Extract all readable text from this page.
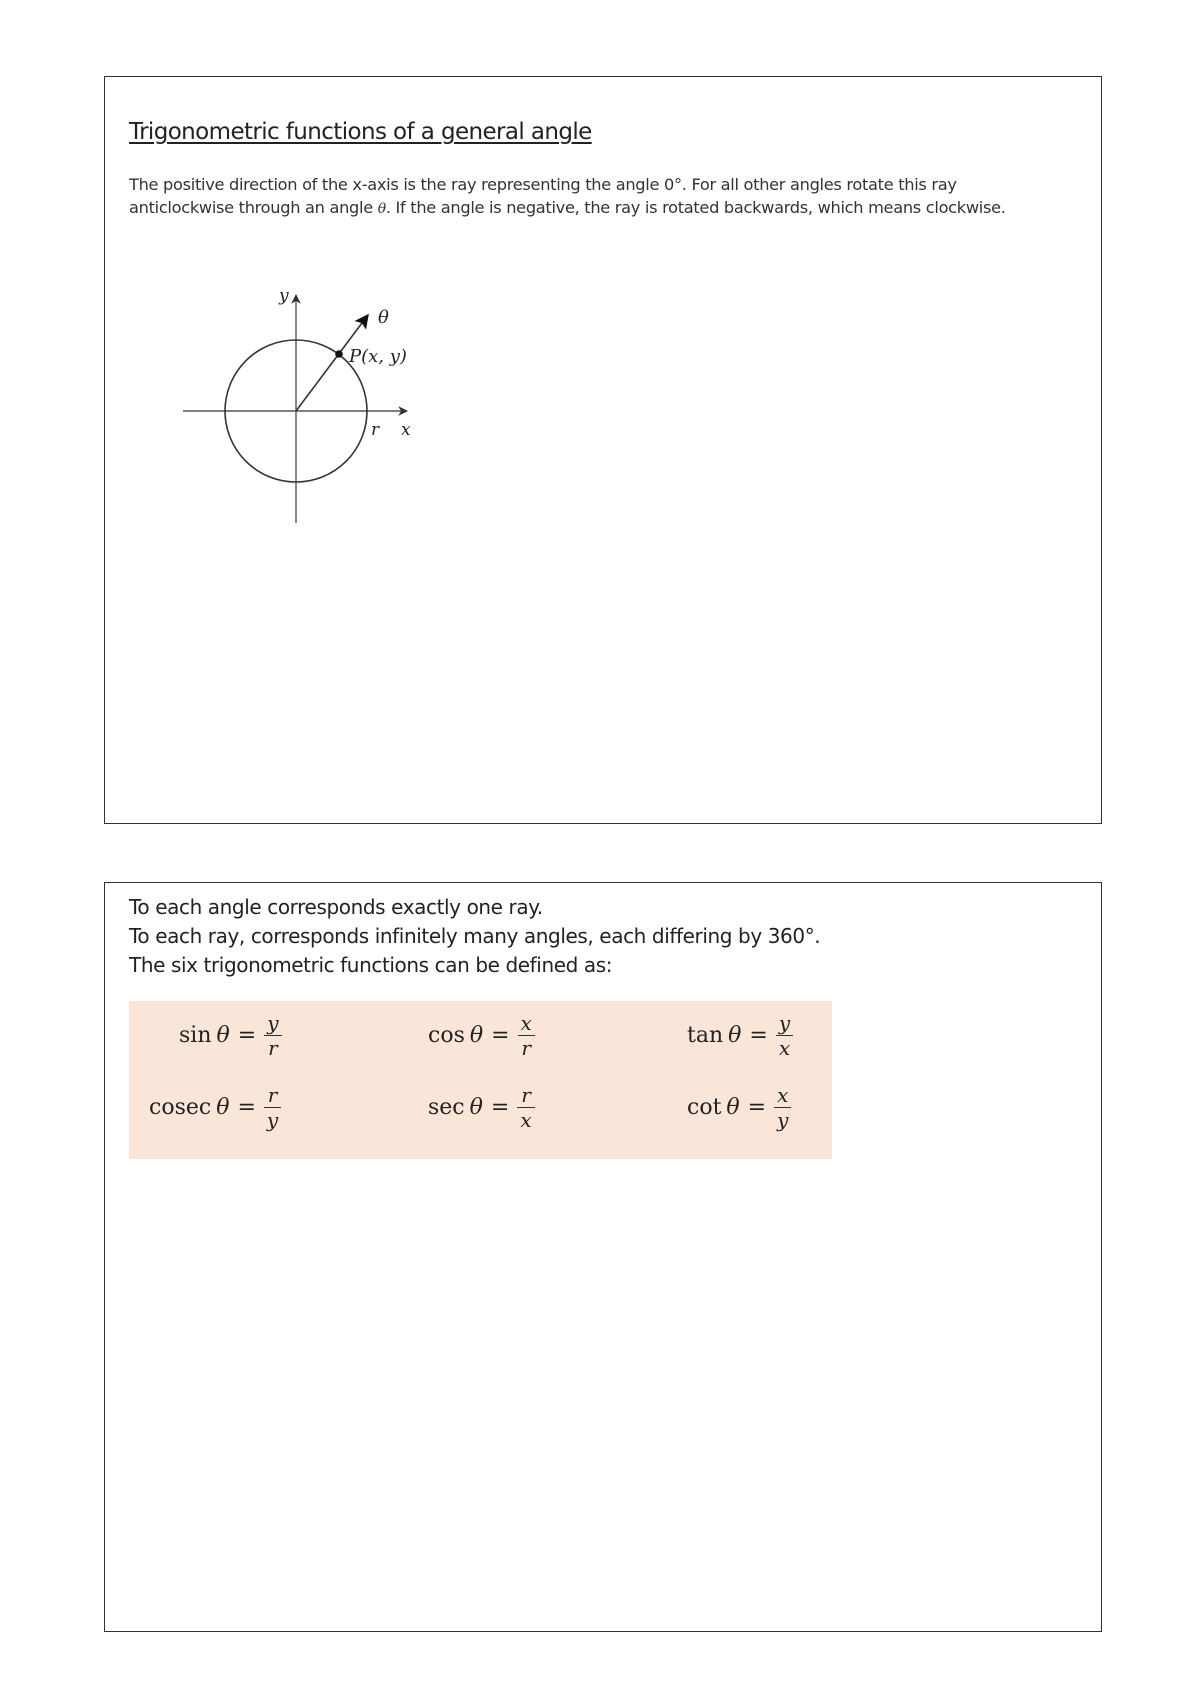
Trigonometric functions of a general angle

The positive direction of the x-axis is the ray representing the angle 0°. For all other angles rotate this ray anticlockwise through an angle θ. If the angle is negative, the ray is rotated backwards, which means clockwise.

y
x
θ
P(x, y)
r
To each angle corresponds exactly one ray.
To each ray, corresponds infinitely many angles, each differing by 360°.
The six trigonometric functions can be defined as:
$\sin \theta = \frac{y}{r}$	$\cos \theta = \frac{x}{r}$	$\tan \theta = \frac{y}{x}$
cosec $\theta = \frac{r}{y}$	$\sec \theta = \frac{r}{x}$	$\cot \theta = \frac{x}{y}$
